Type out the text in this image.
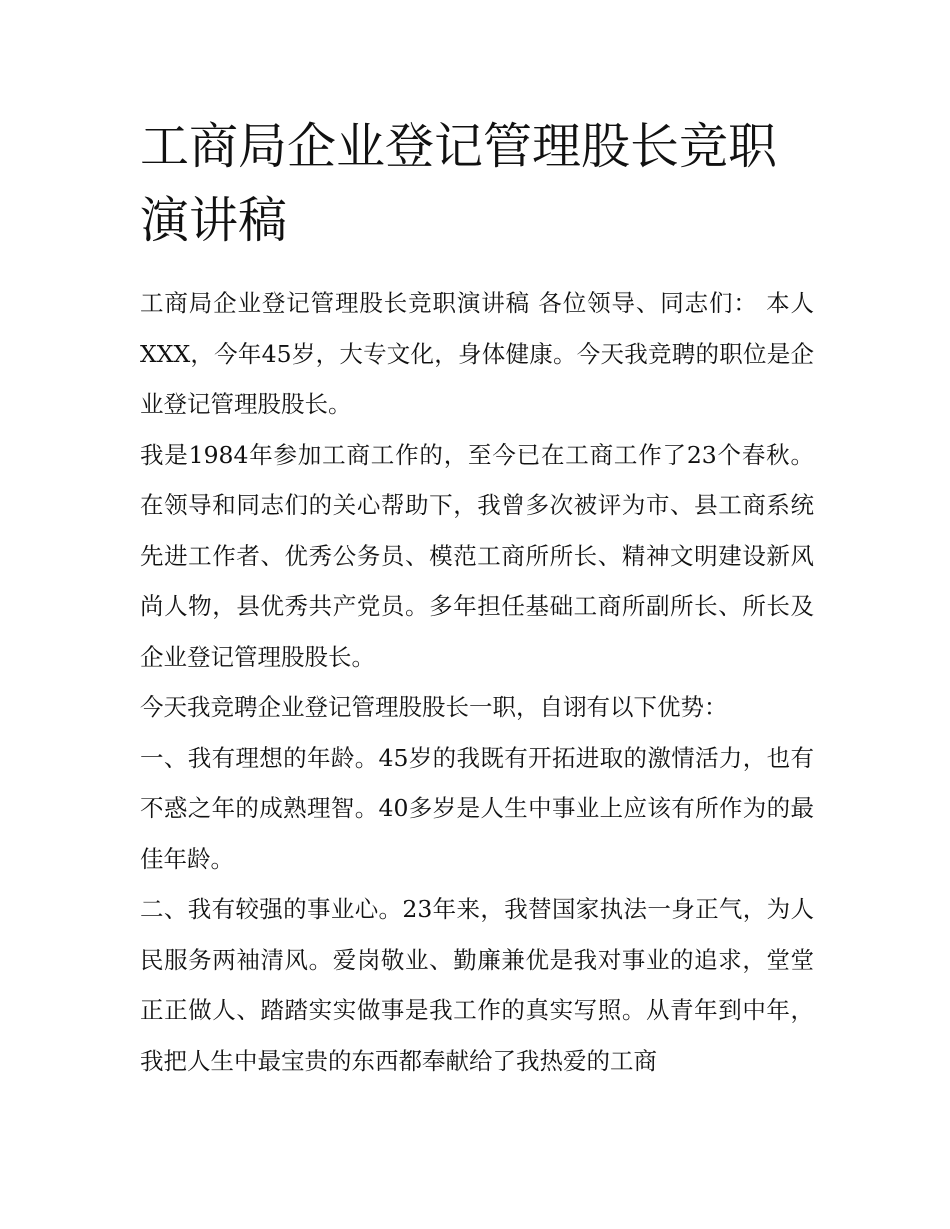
工商局企业登记管理股长竞职演讲稿

工商局企业登记管理股长竞职演讲稿 各位领导、同志们： 本人XXX，今年45岁，大专文化，身体健康。今天我竞聘的职位是企业登记管理股股长。

我是1984年参加工商工作的，至今已在工商工作了23个春秋。在领导和同志们的关心帮助下，我曾多次被评为市、县工商系统先进工作者、优秀公务员、模范工商所所长、精神文明建设新风尚人物，县优秀共产党员。多年担任基础工商所副所长、所长及企业登记管理股股长。

今天我竞聘企业登记管理股股长一职，自诩有以下优势：

一、我有理想的年龄。45岁的我既有开拓进取的激情活力，也有不惑之年的成熟理智。40多岁是人生中事业上应该有所作为的最佳年龄。

二、我有较强的事业心。23年来，我替国家执法一身正气，为人民服务两袖清风。爱岗敬业、勤廉兼优是我对事业的追求，堂堂正正做人、踏踏实实做事是我工作的真实写照。从青年到中年，我把人生中最宝贵的东西都奉献给了我热爱的工商
